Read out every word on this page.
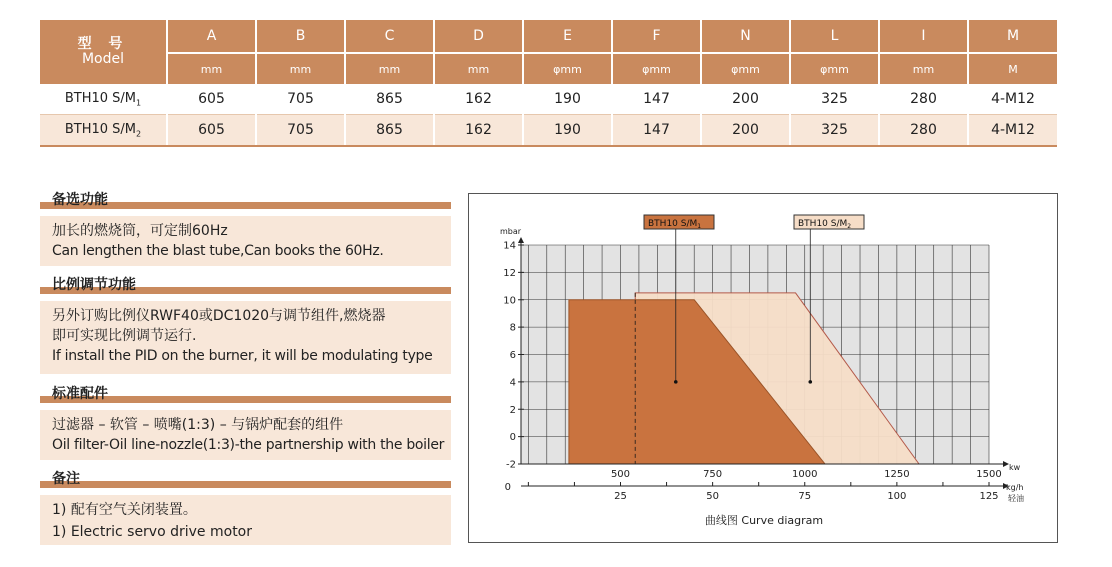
型 号
Model	A	B	C	D	E	F	N	L	I	M
	mm	mm	mm	mm	φmm	φmm	φmm	φmm	mm	M
BTH10 $S/M_1$	605	705	865	162	190	147	200	325	280	4-M12
BTH10 $S/M_2$	605	705	865	162	190	147	200	325	280	4-M12
备选功能

加长的燃烧筒，可定制60Hz

Can lengthen the blast tube,Can books the 60Hz.

比例调节功能

另外订购比例仪RWF40或DC1020与调节组件,燃烧器

即可实现比例调节运行.

If install the PID on the burner, it will be modulating type

标准配件

过滤器 – 软管 – 喷嘴(1:3) – 与锅炉配套的组件

Oil filter-Oil line-nozzle(1:3)-the partnership with the boiler

备注

1) 配有空气关闭装置。

1) Electric servo drive motor

14
12
10
8
6
4
2
0
-2
500	750	1000	1250	1500
25	50	75	100	125
BTH10 $S/M_1$	BTH10 $S/M_2$
mbar
kw
kg/h
轻油
0
曲线图 Curve diagram
